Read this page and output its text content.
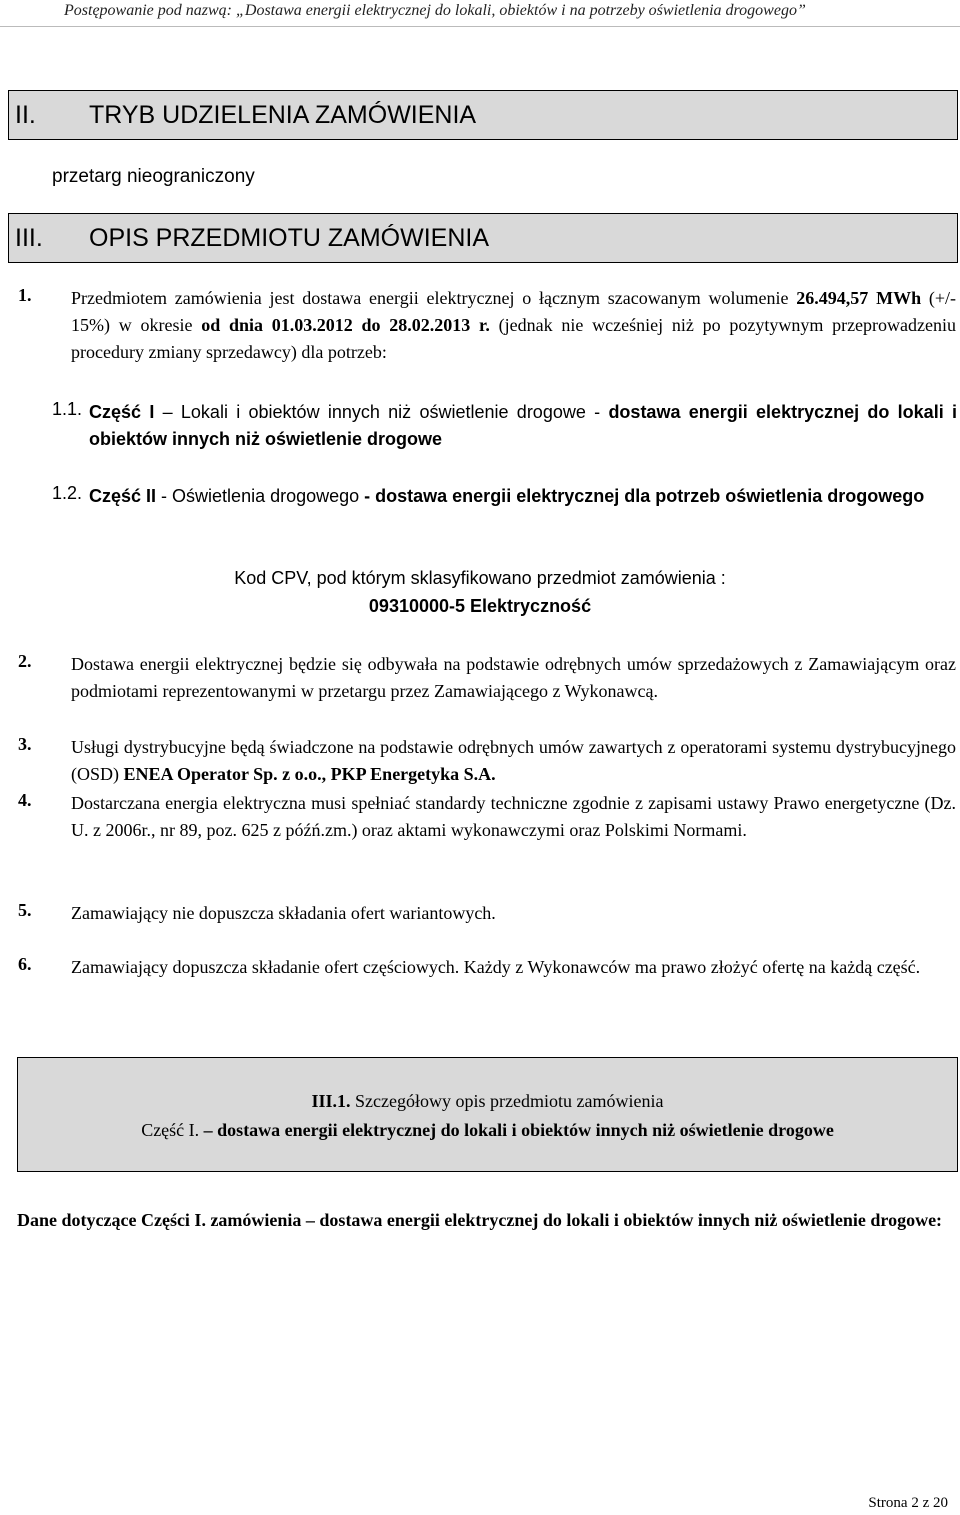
Postępowanie pod nazwą: „Dostawa energii elektrycznej do lokali, obiektów i na potrzeby oświetlenia drogowego”
II. TRYB UDZIELENIA ZAMÓWIENIA
przetarg nieograniczony
III. OPIS PRZEDMIOTU ZAMÓWIENIA
1. Przedmiotem zamówienia jest dostawa energii elektrycznej o łącznym szacowanym wolumenie 26.494,57 MWh (+/- 15%) w okresie od dnia 01.03.2012 do 28.02.2013 r. (jednak nie wcześniej niż po pozytywnym przeprowadzeniu procedury zmiany sprzedawcy) dla potrzeb:
1.1. Część I – Lokali i obiektów innych niż oświetlenie drogowe - dostawa energii elektrycznej do lokali i obiektów innych niż oświetlenie drogowe
1.2. Część II - Oświetlenia drogowego - dostawa energii elektrycznej dla potrzeb oświetlenia drogowego
Kod CPV, pod którym sklasyfikowano przedmiot zamówienia :
09310000-5 Elektryczność
2. Dostawa energii elektrycznej będzie się odbywała na podstawie odrębnych umów sprzedażowych z Zamawiającym oraz podmiotami reprezentowanymi w przetargu przez Zamawiającego z Wykonawcą.
3. Usługi dystrybucyjne będą świadczone na podstawie odrębnych umów zawartych z operatorami systemu dystrybucyjnego (OSD) ENEA Operator Sp. z o.o., PKP Energetyka S.A.
4. Dostarczana energia elektryczna musi spełniać standardy techniczne zgodnie z zapisami ustawy Prawo energetyczne (Dz. U. z 2006r., nr 89, poz. 625 z późń.zm.) oraz aktami wykonawczymi oraz Polskimi Normami.
5. Zamawiający nie dopuszcza składania ofert wariantowych.
6. Zamawiający dopuszcza składanie ofert częściowych. Każdy z Wykonawców ma prawo złożyć ofertę na każdą część.
III.1. Szczegółowy opis przedmiotu zamówienia
Część I. – dostawa energii elektrycznej do lokali i obiektów innych niż oświetlenie drogowe
Dane dotyczące Części I. zamówienia – dostawa energii elektrycznej do lokali i obiektów innych niż oświetlenie drogowe:
Strona 2 z 20
